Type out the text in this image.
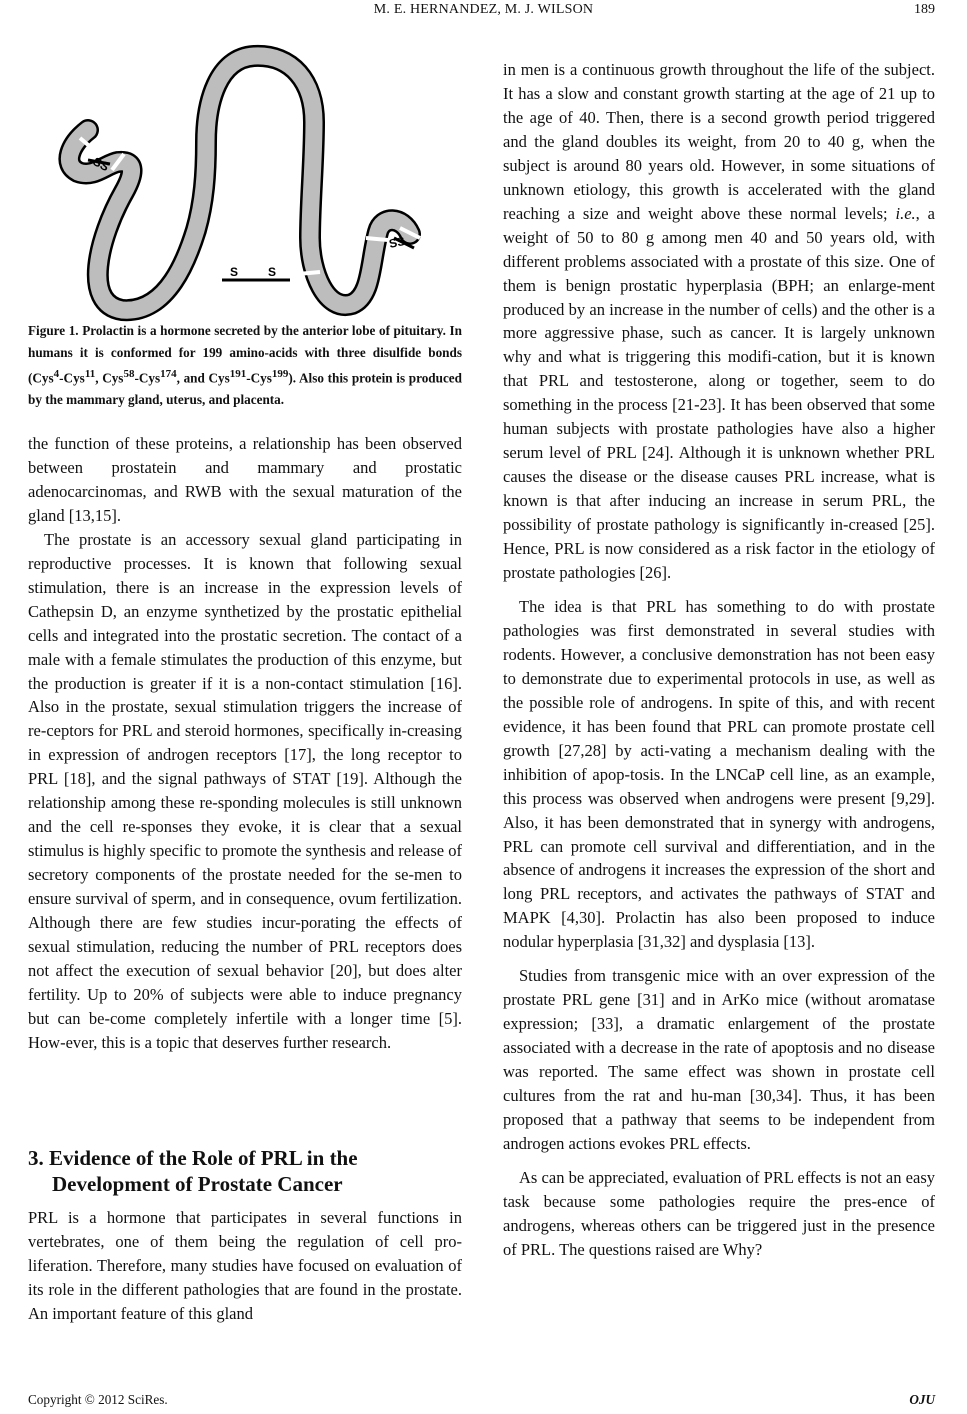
M. E. HERNANDEZ, M. J. WILSON	189
SS
S S
SS
Figure 1. Prolactin is a hormone secreted by the anterior lobe of pituitary. In humans it is conformed for 199 amino-acids with three disulfide bonds (Cys$^4$-Cys$^{11}$, Cys$^{58}$-Cys$^{174}$, and Cys$^{191}$-Cys$^{199}$). Also this protein is produced by the mammary gland, uterus, and placenta.

the function of these proteins, a relationship has been observed between prostatein and mammary and prostatic adenocarcinomas, and RWB with the sexual maturation of the gland [13,15].

The prostate is an accessory sexual gland participating in reproductive processes. It is known that following sexual stimulation, there is an increase in the expression levels of Cathepsin D, an enzyme synthetized by the prostatic epithelial cells and integrated into the prostatic secretion. The contact of a male with a female stimulates the production of this enzyme, but the production is greater if it is a non-contact stimulation [16]. Also in the prostate, sexual stimulation triggers the increase of re-ceptors for PRL and steroid hormones, specifically in-creasing in expression of androgen receptors [17], the long receptor to PRL [18], and the signal pathways of STAT [19]. Although the relationship among these re-sponding molecules is still unknown and the cell re-sponses they evoke, it is clear that a sexual stimulus is highly specific to promote the synthesis and release of secretory components of the prostate needed for the se-men to ensure survival of sperm, and in consequence, ovum fertilization. Although there are few studies incur-porating the effects of sexual stimulation, reducing the number of PRL receptors does not affect the execution of sexual behavior [20], but does alter fertility. Up to 20% of subjects were able to induce pregnancy but can be-come completely infertile with a longer time [5]. How-ever, this is a topic that deserves further research.

3. Evidence of the Role of PRL in the
Development of Prostate Cancer

PRL is a hormone that participates in several functions in vertebrates, one of them being the regulation of cell pro-liferation. Therefore, many studies have focused on evaluation of its role in the different pathologies that are found in the prostate. An important feature of this gland

in men is a continuous growth throughout the life of the subject. It has a slow and constant growth starting at the age of 21 up to the age of 40. Then, there is a second growth period triggered and the gland doubles its weight, from 20 to 40 g, when the subject is around 80 years old. However, in some situations of unknown etiology, this growth is accelerated with the gland reaching a size and weight above these normal levels; i.e., a weight of 50 to 80 g among men 40 and 50 years old, with different problems associated with a prostate of this size. One of them is benign prostatic hyperplasia (BPH; an enlarge-ment produced by an increase in the number of cells) and the other is a more aggressive phase, such as cancer. It is largely unknown why and what is triggering this modifi-cation, but it is known that PRL and testosterone, along or together, seem to do something in the process [21-23]. It has been observed that some human subjects with prostate pathologies have also a higher serum level of PRL [24]. Although it is unknown whether PRL causes the disease or the disease causes PRL increase, what is known is that after inducing an increase in serum PRL, the possibility of prostate pathology is significantly in-creased [25]. Hence, PRL is now considered as a risk factor in the etiology of prostate pathologies [26].

The idea is that PRL has something to do with prostate pathologies was first demonstrated in several studies with rodents. However, a conclusive demonstration has not been easy to demonstrate due to experimental protocols in use, as well as the possible role of androgens. In spite of this, and with recent evidence, it has been found that PRL can promote prostate cell growth [27,28] by acti-vating a mechanism dealing with the inhibition of apop-tosis. In the LNCaP cell line, as an example, this process was observed when androgens were present [9,29]. Also, it has been demonstrated that in synergy with androgens, PRL can promote cell survival and differentiation, and in the absence of androgens it increases the expression of the short and long PRL receptors, and activates the pathways of STAT and MAPK [4,30]. Prolactin has also been proposed to induce nodular hyperplasia [31,32] and dysplasia [13].

Studies from transgenic mice with an over expression of the prostate PRL gene [31] and in ArKo mice (without aromatase expression; [33], a dramatic enlargement of the prostate associated with a decrease in the rate of apoptosis and no disease was reported. The same effect was shown in prostate cell cultures from the rat and hu-man [30,34]. Thus, it has been proposed that a pathway that seems to be independent from androgen actions evokes PRL effects.

As can be appreciated, evaluation of PRL effects is not an easy task because some pathologies require the pres-ence of androgens, whereas others can be triggered just in the presence of PRL. The questions raised are Why?

Copyright © 2012 SciRes.	OJU
